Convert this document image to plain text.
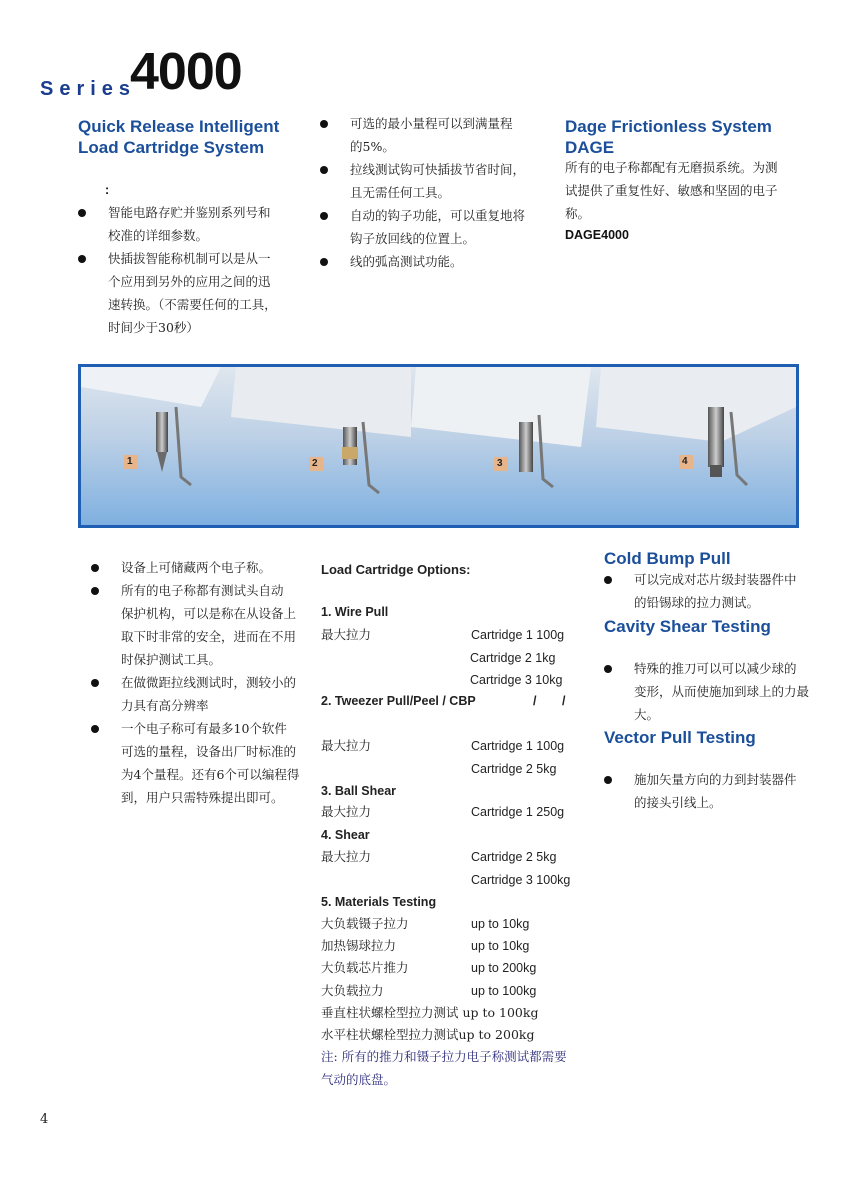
Series
4000
Quick Release Intelligent
Load Cartridge System
:
智能电路存贮并鉴别系列号和
校准的详细参数。
快插拔智能称机制可以是从一
个应用到另外的应用之间的迅
速转换。（不需要任何的工具，
时间少于30秒）
可选的最小量程可以到满量程
的5%。
拉线测试钩可快插拔节省时间，
且无需任何工具。
自动的钩子功能，可以重复地将
钩子放回线的位置上。
线的弧高测试功能。
Dage Frictionless System
DAGE
所有的电子称都配有无磨损系统。为测
试提供了重复性好、敏感和坚固的电子
称。
DAGE4000
1	2	3	4
设备上可储藏两个电子称。
所有的电子称都有测试头自动
保护机构，可以是称在从设备上
取下时非常的安全，进而在不用
时保护测试工具。
在做微距拉线测试时，测较小的
力具有高分辨率
一个电子称可有最多10个软件
可选的量程，设备出厂时标准的
为4个量程。还有6个可以编程得
到，用户只需特殊提出即可。
Load Cartridge Options:
1. Wire Pull
最大拉力	Cartridge 1 100g
Cartridge 2 1kg
Cartridge 3 10kg
2. Tweezer Pull/Peel / CBP	/ /
最大拉力	Cartridge 1 100g
Cartridge 2 5kg
3. Ball Shear
最大拉力	Cartridge 1 250g
4. Shear
最大拉力	Cartridge 2 5kg
Cartridge 3 100kg
5. Materials Testing
大负载镊子拉力	up to 10kg
加热锡球拉力	up to 10kg
大负载芯片推力	up to 200kg
大负载拉力	up to 100kg
垂直柱状螺栓型拉力测试 up to 100kg
水平柱状螺栓型拉力测试up to 200kg
注: 所有的推力和镊子拉力电子称测试都需要
气动的底盘。
Cold Bump Pull
可以完成对芯片级封装器件中
的铅锡球的拉力测试。
Cavity Shear Testing
特殊的推刀可以可以减少球的
变形，从而使施加到球上的力最
大。
Vector Pull Testing
施加矢量方向的力到封装器件
的接头引线上。
4
